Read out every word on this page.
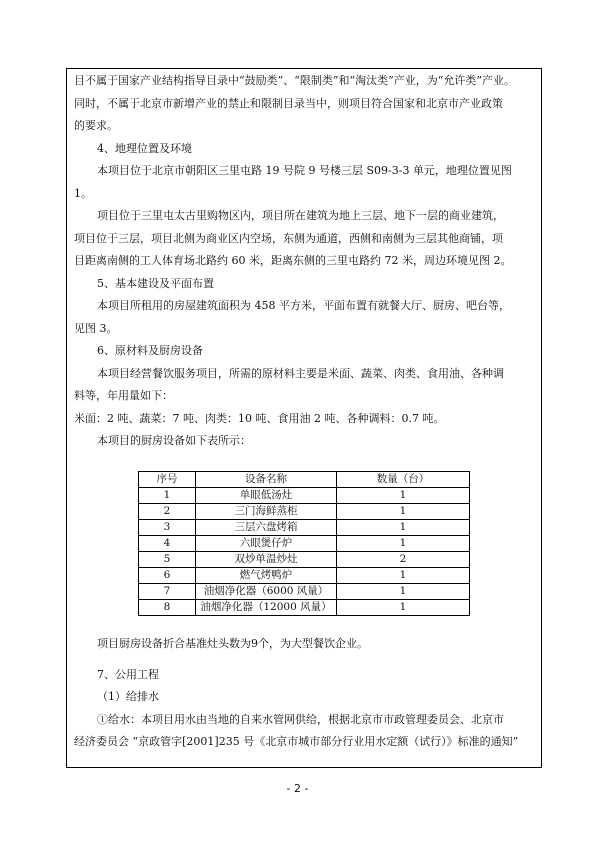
目不属于国家产业结构指导目录中“鼓励类”、“限制类”和“淘汰类”产业，为“允许类”产业。

同时，不属于北京市新增产业的禁止和限制目录当中，则项目符合国家和北京市产业政策

的要求。

4、地理位置及环境

本项目位于北京市朝阳区三里屯路 19 号院 9 号楼三层 S09-3-3 单元，地理位置见图

1。

项目位于三里屯太古里购物区内，项目所在建筑为地上三层、地下一层的商业建筑，

项目位于三层，项目北侧为商业区内空场，东侧为通道，西侧和南侧为三层其他商铺，项

目距离南侧的工人体育场北路约 60 米，距离东侧的三里屯路约 72 米，周边环境见图 2。

5、基本建设及平面布置

本项目所租用的房屋建筑面积为 458 平方米，平面布置有就餐大厅、厨房、吧台等，

见图 3。

6、原材料及厨房设备

本项目经营餐饮服务项目，所需的原材料主要是米面、蔬菜、肉类、食用油、各种调

料等，年用量如下：

米面：2 吨、蔬菜：7 吨、肉类：10 吨、食用油 2 吨、各种调料：0.7 吨。

本项目的厨房设备如下表所示：

序号	设备名称	数量（台）
1	单眼低汤灶	1
2	三门海鲜蒸柜	1
3	三层六盘烤箱	1
4	六眼煲仔炉	1
5	双炒单温炒灶	2
6	燃气烤鸭炉	1
7	油烟净化器（6000 风量）	1
8	油烟净化器（12000 风量）	1

项目厨房设备折合基准灶头数为9个，为大型餐饮企业。

7、公用工程

（1）给排水

①给水：本项目用水由当地的自来水管网供给，根据北京市市政管理委员会、北京市

经济委员会 “京政管字[2001]235 号《北京市城市部分行业用水定额（试行）》标准的通知”

- 2 -
